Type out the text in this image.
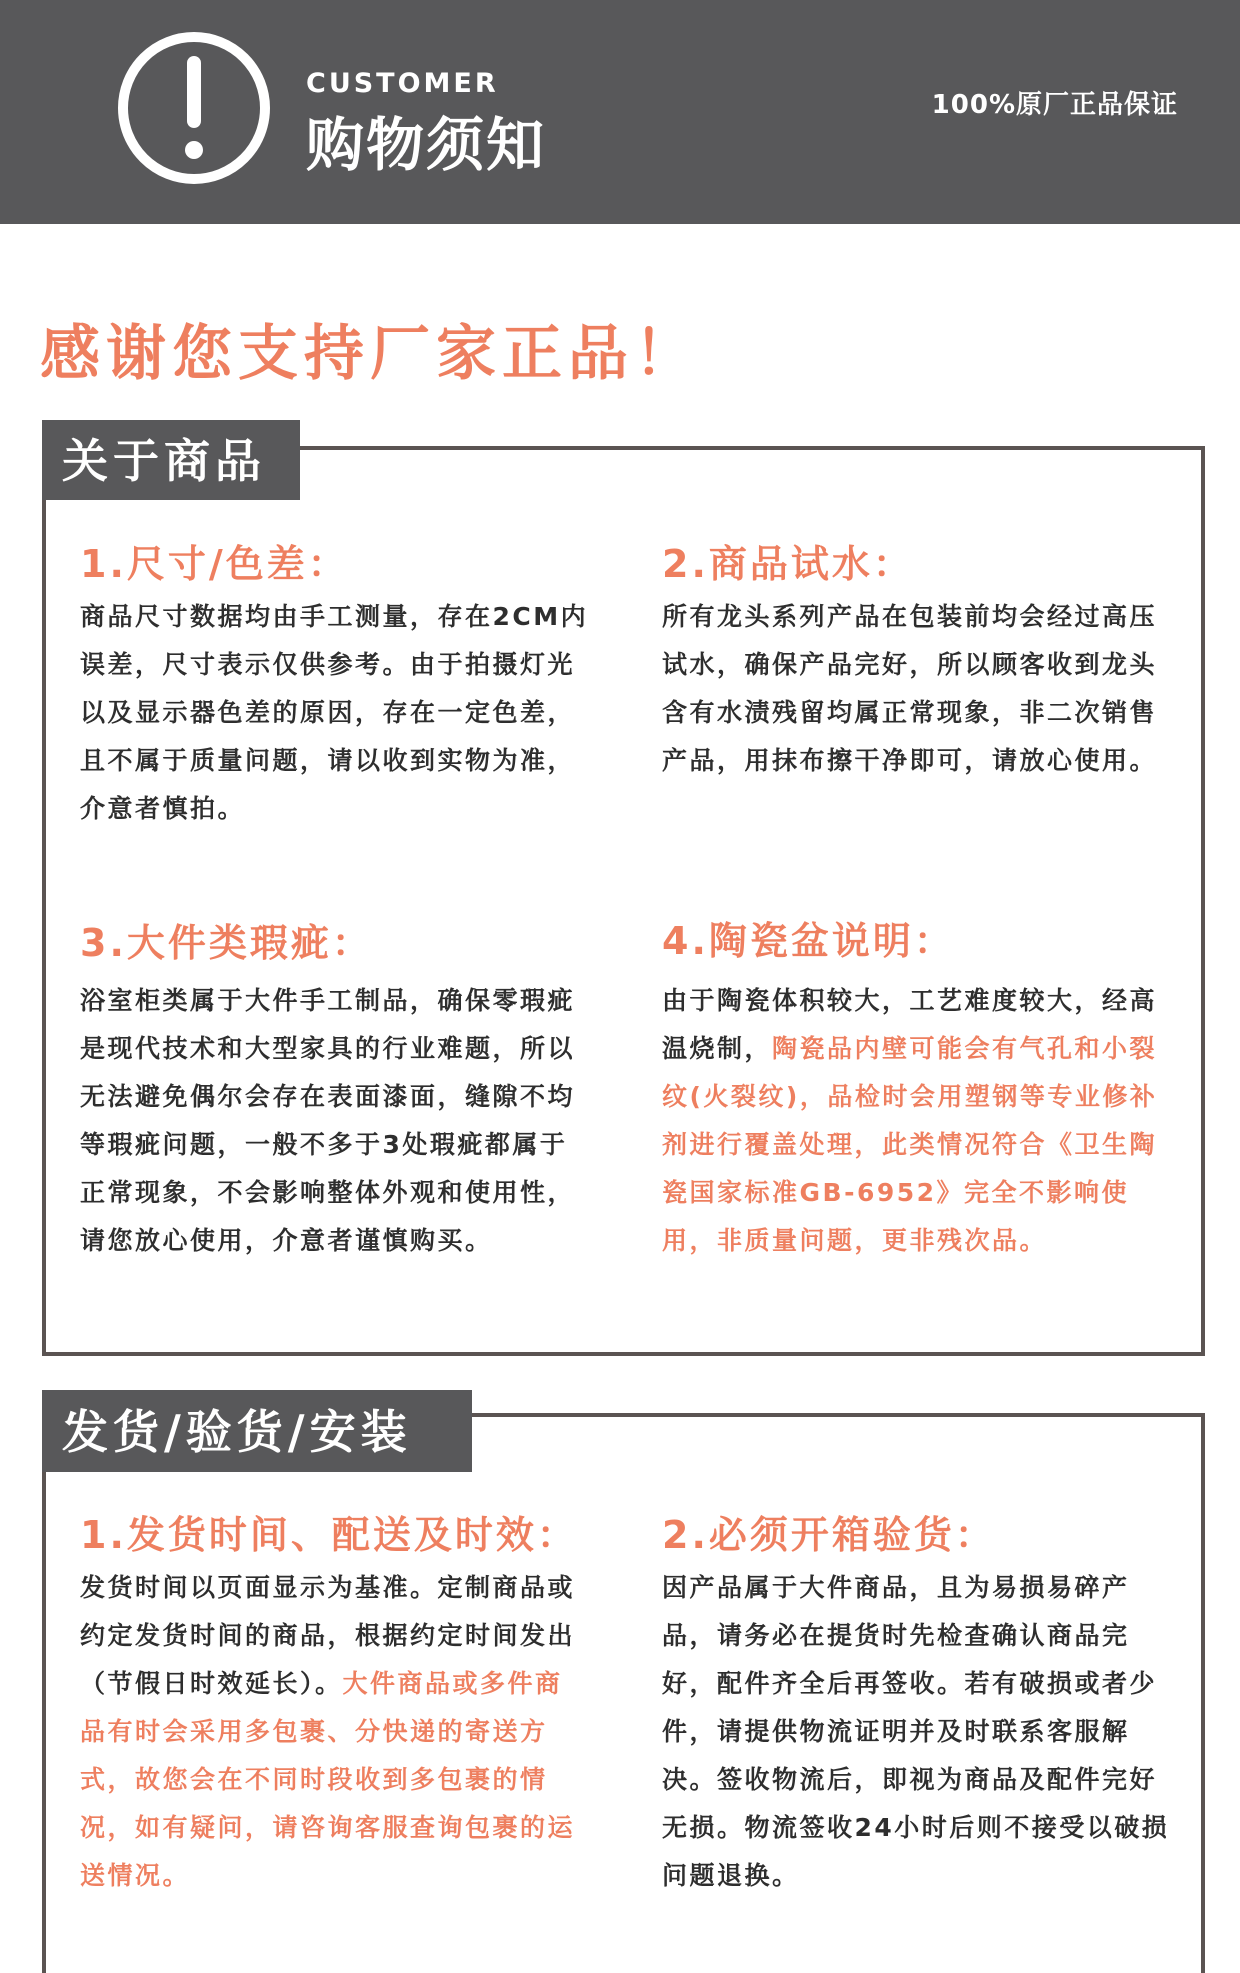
CUSTOMER
购物须知
100%原厂正品保证
感谢您支持厂家正品！
关于商品
1.尺寸/色差：

商品尺寸数据均由手工测量，存在2CM内误差，尺寸表示仅供参考。由于拍摄灯光以及显示器色差的原因，存在一定色差，且不属于质量问题，请以收到实物为准，介意者慎拍。

2.商品试水：

所有龙头系列产品在包装前均会经过高压试水，确保产品完好，所以顾客收到龙头含有水渍残留均属正常现象，非二次销售产品，用抹布擦干净即可，请放心使用。

3.大件类瑕疵：

浴室柜类属于大件手工制品，确保零瑕疵是现代技术和大型家具的行业难题，所以无法避免偶尔会存在表面漆面，缝隙不均等瑕疵问题，一般不多于3处瑕疵都属于正常现象，不会影响整体外观和使用性，请您放心使用，介意者谨慎购买。

4.陶瓷盆说明：

由于陶瓷体积较大，工艺难度较大，经高温烧制，陶瓷品内壁可能会有气孔和小裂纹(火裂纹)，品检时会用塑钢等专业修补剂进行覆盖处理，此类情况符合《卫生陶瓷国家标准GB-6952》完全不影响使用，非质量问题，更非残次品。

发货/验货/安装
1.发货时间、配送及时效：

发货时间以页面显示为基准。定制商品或约定发货时间的商品，根据约定时间发出（节假日时效延长）。大件商品或多件商品有时会采用多包裹、分快递的寄送方式，故您会在不同时段收到多包裹的情况，如有疑问，请咨询客服查询包裹的运送情况。

2.必须开箱验货：

因产品属于大件商品，且为易损易碎产品，请务必在提货时先检查确认商品完好，配件齐全后再签收。若有破损或者少件，请提供物流证明并及时联系客服解决。签收物流后，即视为商品及配件完好无损。物流签收24小时后则不接受以破损问题退换。
